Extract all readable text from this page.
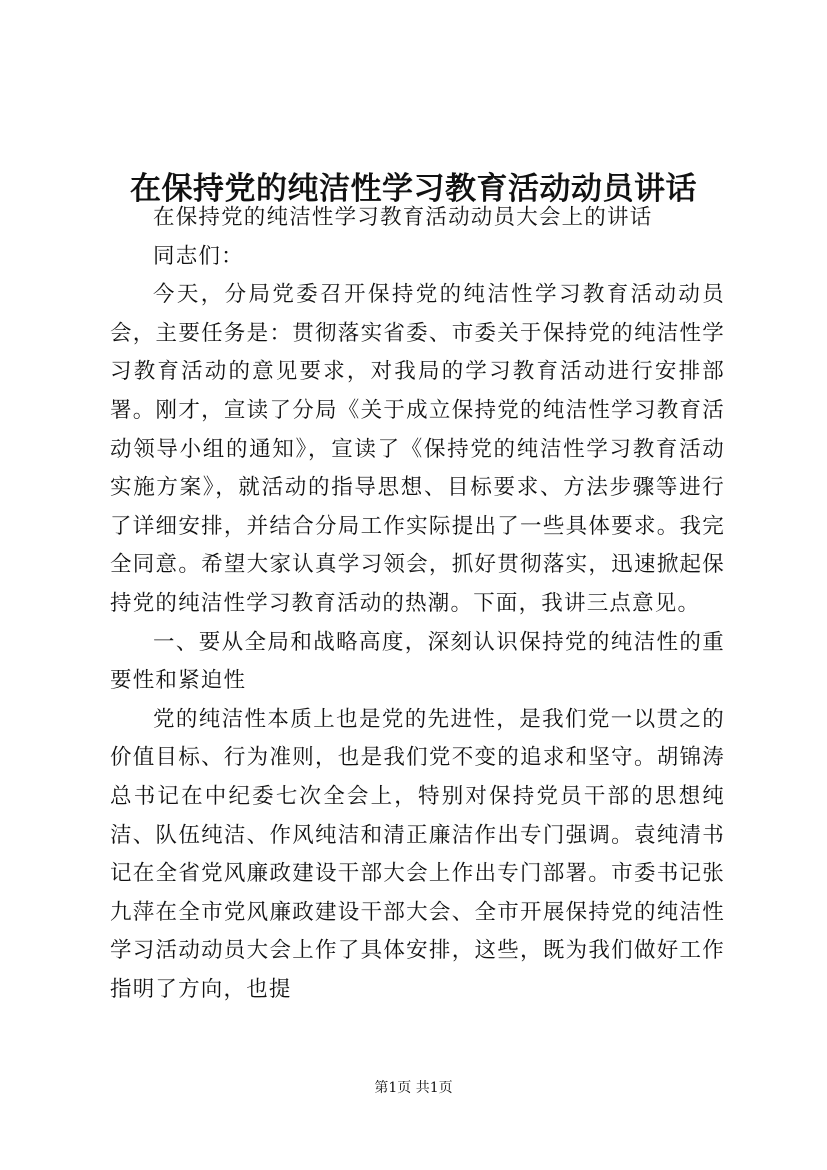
在保持党的纯洁性学习教育活动动员讲话

在保持党的纯洁性学习教育活动动员大会上的讲话

同志们：

今天，分局党委召开保持党的纯洁性学习教育活动动员会，主要任务是：贯彻落实省委、市委关于保持党的纯洁性学习教育活动的意见要求，对我局的学习教育活动进行安排部署。刚才，宣读了分局《关于成立保持党的纯洁性学习教育活动领导小组的通知》，宣读了《保持党的纯洁性学习教育活动实施方案》，就活动的指导思想、目标要求、方法步骤等进行了详细安排，并结合分局工作实际提出了一些具体要求。我完全同意。希望大家认真学习领会，抓好贯彻落实，迅速掀起保持党的纯洁性学习教育活动的热潮。下面，我讲三点意见。

一、要从全局和战略高度，深刻认识保持党的纯洁性的重要性和紧迫性

党的纯洁性本质上也是党的先进性，是我们党一以贯之的价值目标、行为准则，也是我们党不变的追求和坚守。胡锦涛总书记在中纪委七次全会上，特别对保持党员干部的思想纯洁、队伍纯洁、作风纯洁和清正廉洁作出专门强调。袁纯清书记在全省党风廉政建设干部大会上作出专门部署。市委书记张九萍在全市党风廉政建设干部大会、全市开展保持党的纯洁性学习活动动员大会上作了具体安排，这些，既为我们做好工作指明了方向，也提

第1页 共1页
